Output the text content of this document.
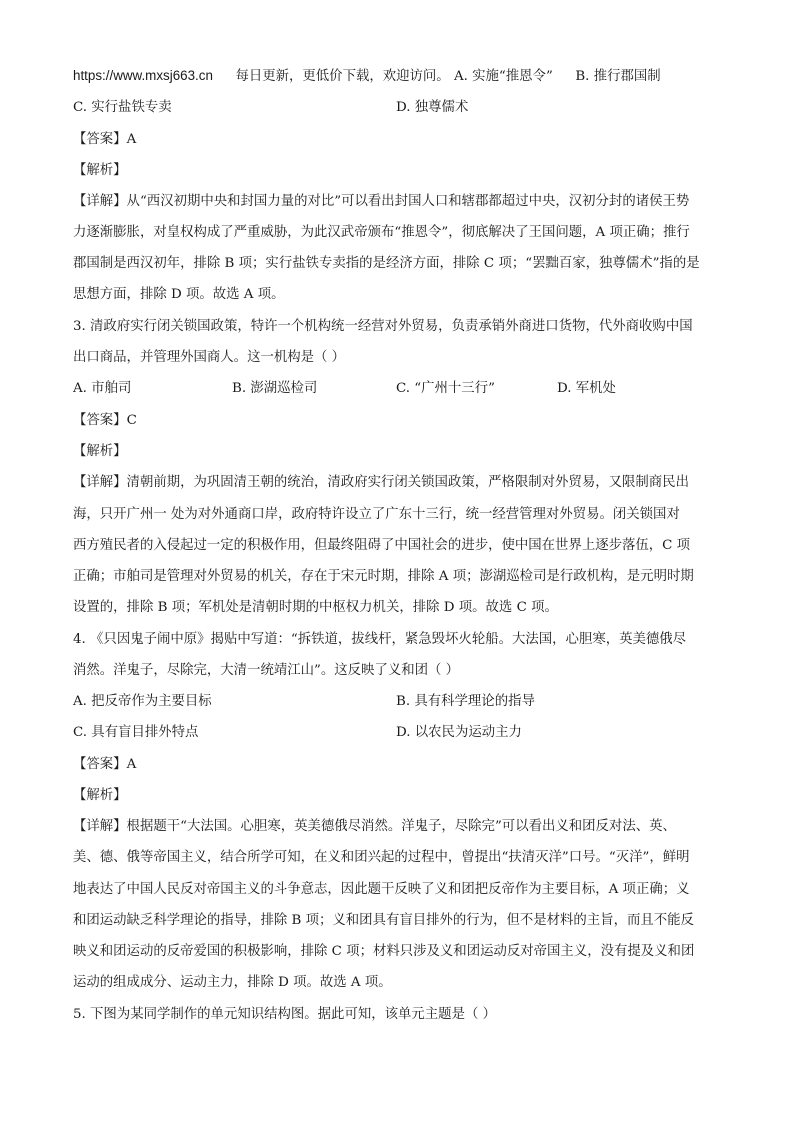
https://www.mxsj663.cn 每日更新，更低价下载，欢迎访问。 A. 实施“推恩令” B. 推行郡国制
C. 实行盐铁专卖	D. 独尊儒术
【答案】A
【解析】
【详解】从“西汉初期中央和封国力量的对比”可以看出封国人口和辖郡都超过中央，汉初分封的诸侯王势
力逐渐膨胀，对皇权构成了严重威胁，为此汉武帝颁布“推恩令”，彻底解决了王国问题，A 项正确；推行
郡国制是西汉初年，排除 B 项；实行盐铁专卖指的是经济方面，排除 C 项；“罢黜百家，独尊儒术”指的是
思想方面，排除 D 项。故选 A 项。
3. 清政府实行闭关锁国政策，特许一个机构统一经营对外贸易，负责承销外商进口货物，代外商收购中国
出口商品，并管理外国商人。这一机构是（ ）
A. 市舶司	B. 澎湖巡检司	C. “广州十三行”	D. 军机处
【答案】C
【解析】
【详解】清朝前期，为巩固清王朝的统治，清政府实行闭关锁国政策，严格限制对外贸易，又限制商民出
海，只开广州一 处为对外通商口岸，政府特许设立了广东十三行，统一经营管理对外贸易。闭关锁国对
西方殖民者的入侵起过一定的积极作用，但最终阻碍了中国社会的进步，使中国在世界上逐步落伍，C 项
正确；市舶司是管理对外贸易的机关，存在于宋元时期，排除 A 项；澎湖巡检司是行政机构，是元明时期
设置的，排除 B 项；军机处是清朝时期的中枢权力机关，排除 D 项。故选 C 项。
4. 《只因鬼子闹中原》揭贴中写道：“拆铁道，拔线杆，紧急毁坏火轮船。大法国，心胆寒，英美德俄尽
消然。洋鬼子，尽除完，大清一统靖江山”。这反映了义和团（ ）
A. 把反帝作为主要目标	B. 具有科学理论的指导
C. 具有盲目排外特点	D. 以农民为运动主力
【答案】A
【解析】
【详解】根据题干“大法国。心胆寒，英美德俄尽消然。洋鬼子，尽除完”可以看出义和团反对法、英、
美、德、俄等帝国主义，结合所学可知，在义和团兴起的过程中，曾提出“扶清灭洋”口号。“灭洋”，鲜明
地表达了中国人民反对帝国主义的斗争意志，因此题干反映了义和团把反帝作为主要目标，A 项正确；义
和团运动缺乏科学理论的指导，排除 B 项；义和团具有盲目排外的行为，但不是材料的主旨，而且不能反
映义和团运动的反帝爱国的积极影响，排除 C 项；材料只涉及义和团运动反对帝国主义，没有提及义和团
运动的组成成分、运动主力，排除 D 项。故选 A 项。
5. 下图为某同学制作的单元知识结构图。据此可知，该单元主题是（ ）
